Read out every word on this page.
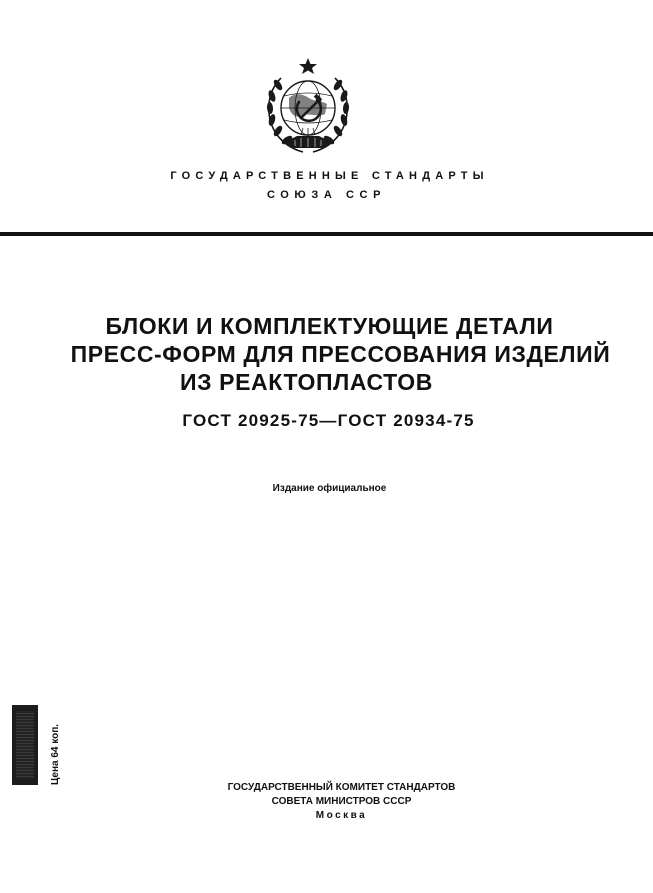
ГОСУДАРСТВЕННЫЕ СТАНДАРТЫ
СОЮЗА ССР
БЛОКИ И КОМПЛЕКТУЮЩИЕ ДЕТАЛИ
ПРЕСС-ФОРМ ДЛЯ ПРЕССОВАНИЯ ИЗДЕЛИЙ
ИЗ РЕАКТОПЛАСТОВ
ГОСТ 20925-75—ГОСТ 20934-75
Издание официальное
Цена 64 коп.
ГОСУДАРСТВЕННЫЙ КОМИТЕТ СТАНДАРТОВ
СОВЕТА МИНИСТРОВ СССР
Москва
